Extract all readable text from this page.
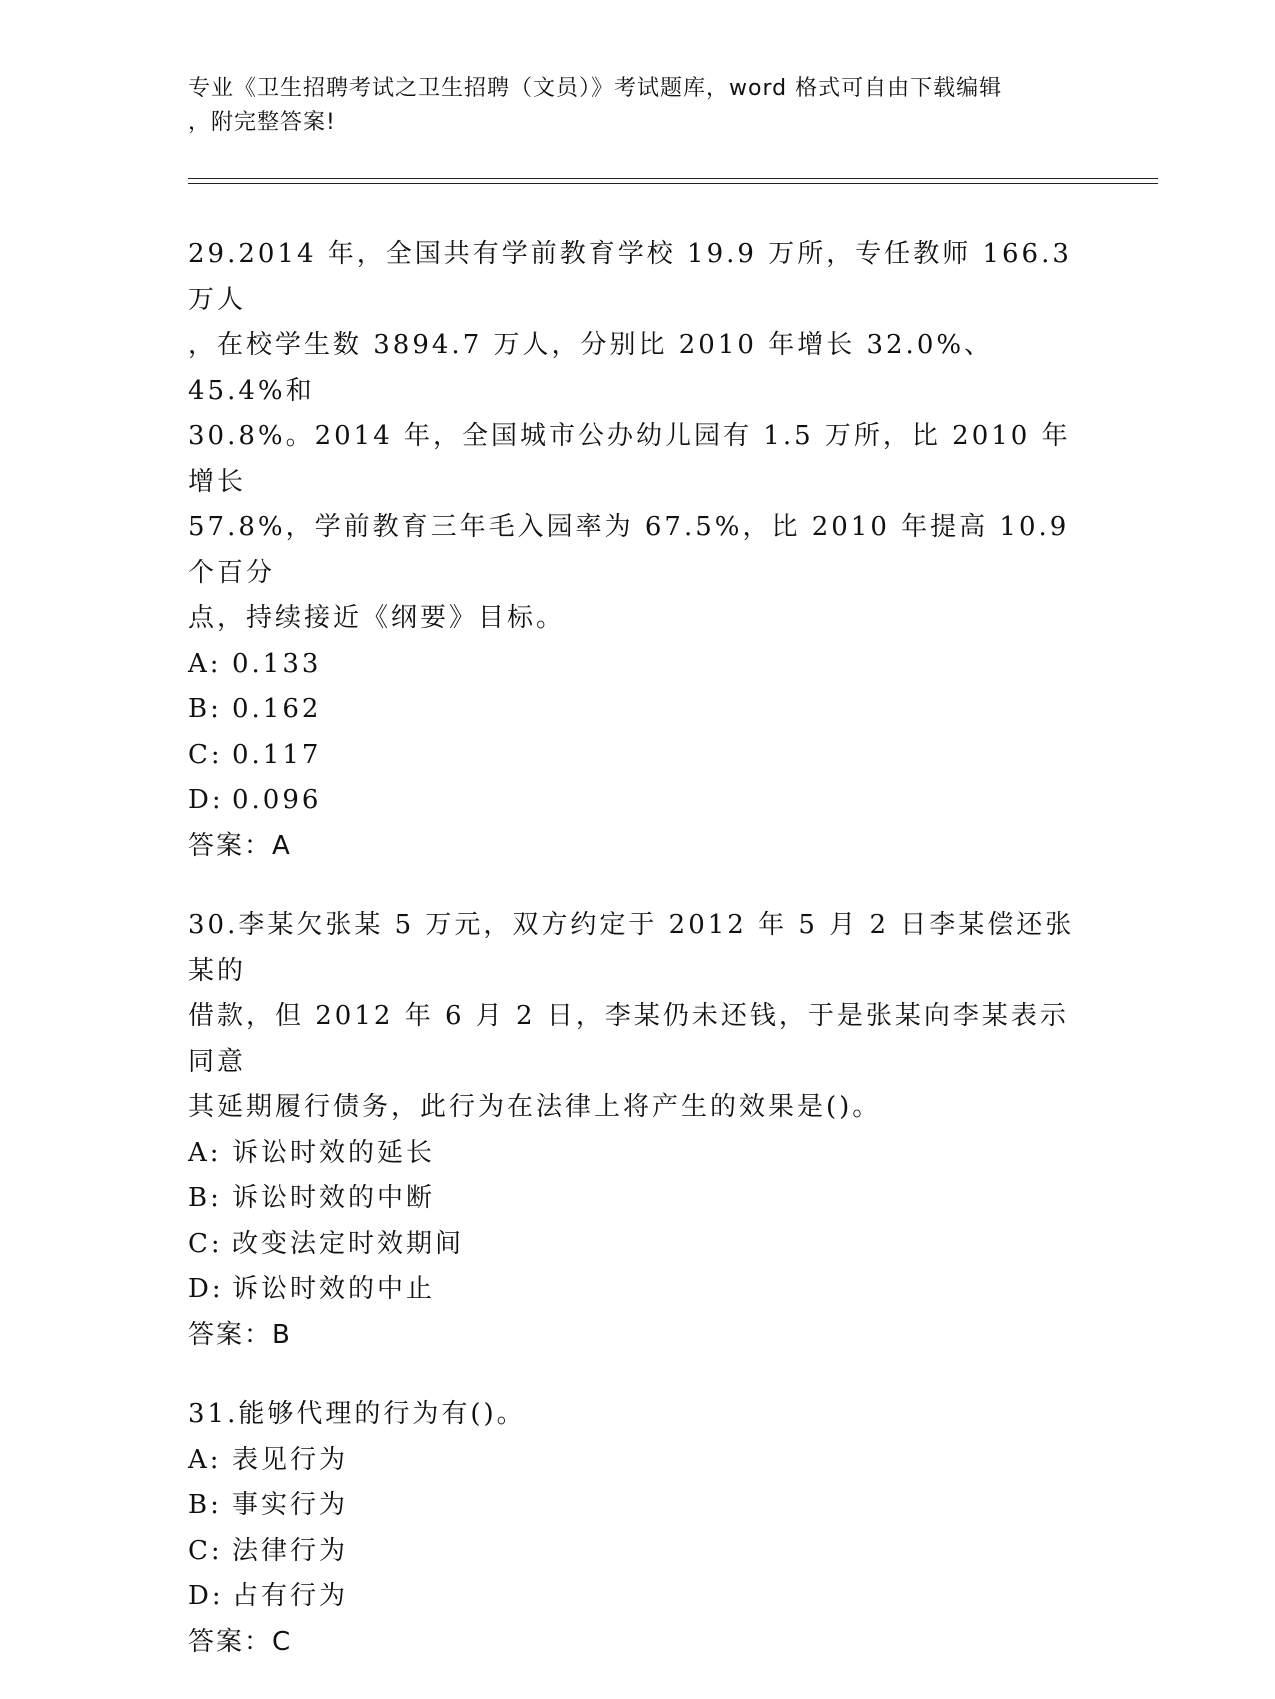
专业《卫生招聘考试之卫生招聘（文员）》考试题库，word 格式可自由下载编辑
，附完整答案!

29.2014 年，全国共有学前教育学校 19.9 万所，专任教师 166.3 万人

，在校学生数 3894.7 万人，分别比 2010 年增长 32.0%、45.4%和

30.8%。2014 年，全国城市公办幼儿园有 1.5 万所，比 2010 年增长

57.8%，学前教育三年毛入园率为 67.5%，比 2010 年提高 10.9 个百分

点，持续接近《纲要》目标。

A: 0.133

B: 0.162

C: 0.117

D: 0.096

答案：A

30.李某欠张某 5 万元，双方约定于 2012 年 5 月 2 日李某偿还张某的

借款，但 2012 年 6 月 2 日，李某仍未还钱，于是张某向李某表示同意

其延期履行债务，此行为在法律上将产生的效果是()。

A: 诉讼时效的延长

B: 诉讼时效的中断

C: 改变法定时效期间

D: 诉讼时效的中止

答案：B

31.能够代理的行为有()。

A: 表见行为

B: 事实行为

C: 法律行为

D: 占有行为

答案：C
